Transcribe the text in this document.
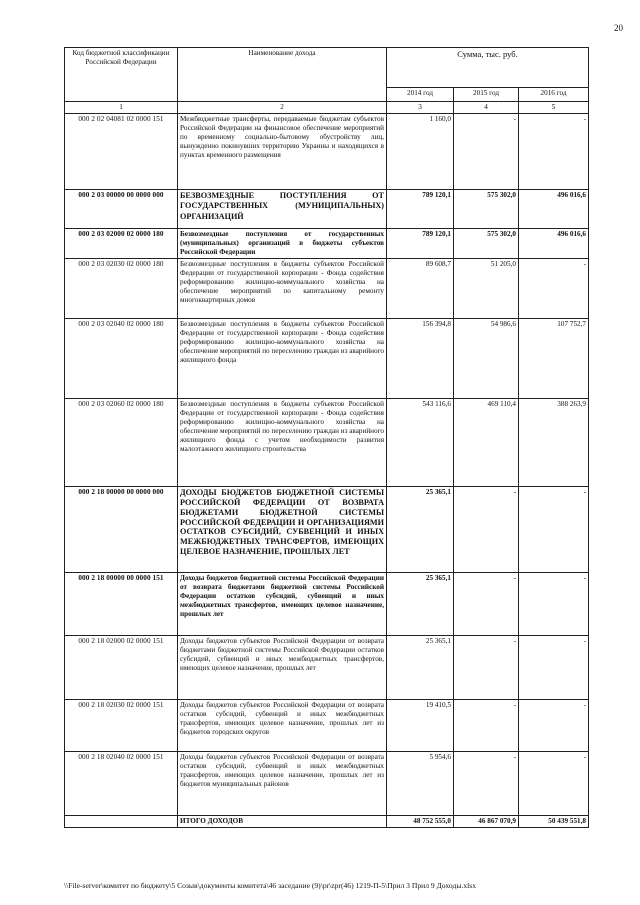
20
Код бюджетной классификации Российской Федерации	Наименование дохода	Сумма, тыс. руб.		
		2014 год	2015 год	2016 год
1	2	3	4	5
000 2 02 04081 02 0000 151	Межбюджетные трансферты, передаваемые бюджетам субъектов Российской Федерации на финансовое обеспечение мероприятий по временному социально-бытовому обустройству лиц, вынужденно покинувших территорию Украины и находящихся в пунктах временного размещения	1 160,0	-	-
000 2 03 00000 00 0000 000	БЕЗВОЗМЕЗДНЫЕ ПОСТУПЛЕНИЯ ОТ ГОСУДАРСТВЕННЫХ (МУНИЦИПАЛЬНЫХ) ОРГАНИЗАЦИЙ	789 120,1	575 302,0	496 016,6
000 2 03 02000 02 0000 180	Безвозмездные поступления от государственных (муниципальных) организаций в бюджеты субъектов Российской Федерации	789 120,1	575 302,0	496 016,6
000 2 03 02030 02 0000 180	Безвозмездные поступления в бюджеты субъектов Российской Федерации от государственной корпорации - Фонда содействия реформированию жилищно-коммунального хозяйства на обеспечение мероприятий по капитальному ремонту многоквартирных домов	89 608,7	51 205,0	-
000 2 03 02040 02 0000 180	Безвозмездные поступления в бюджеты субъектов Российской Федерации от государственной корпорации - Фонда содействия реформированию жилищно-коммунального хозяйства на обеспечение мероприятий по переселению граждан из аварийного жилищного фонда	156 394,8	54 986,6	107 752,7
000 2 03 02060 02 0000 180	Безвозмездные поступления в бюджеты субъектов Российской Федерации от государственной корпорации - Фонда содействия реформированию жилищно-коммунального хозяйства на обеспечение мероприятий по переселению граждан из аварийного жилищного фонда с учетом необходимости развития малоэтажного жилищного строительства	543 116,6	469 110,4	388 263,9
000 2 18 00000 00 0000 000	ДОХОДЫ БЮДЖЕТОВ БЮДЖЕТНОЙ СИСТЕМЫ РОССИЙСКОЙ ФЕДЕРАЦИИ ОТ ВОЗВРАТА БЮДЖЕТАМИ БЮДЖЕТНОЙ СИСТЕМЫ РОССИЙСКОЙ ФЕДЕРАЦИИ И ОРГАНИЗАЦИЯМИ ОСТАТКОВ СУБСИДИЙ, СУБВЕНЦИЙ И ИНЫХ МЕЖБЮДЖЕТНЫХ ТРАНСФЕРТОВ, ИМЕЮЩИХ ЦЕЛЕВОЕ НАЗНАЧЕНИЕ, ПРОШЛЫХ ЛЕТ	25 365,1	-	-
000 2 18 00000 00 0000 151	Доходы бюджетов бюджетной системы Российской Федерации от возврата бюджетами бюджетной системы Российской Федерации остатков субсидий, субвенций и иных межбюджетных трансфертов, имеющих целевое назначение, прошлых лет	25 365,1	-	-
000 2 18 02000 02 0000 151	Доходы бюджетов субъектов Российской Федерации от возврата бюджетами бюджетной системы Российской Федерации остатков субсидий, субвенций и иных межбюджетных трансфертов, имеющих целевое назначение, прошлых лет	25 365,1	-	-
000 2 18 02030 02 0000 151	Доходы бюджетов субъектов Российской Федерации от возврата остатков субсидий, субвенций и иных межбюджетных трансфертов, имеющих целевое назначение, прошлых лет из бюджетов городских округов	19 410,5	-	-
000 2 18 02040 02 0000 151	Доходы бюджетов субъектов Российской Федерации от возврата остатков субсидий, субвенций и иных межбюджетных трансфертов, имеющих целевое назначение, прошлых лет из бюджетов муниципальных районов	5 954,6	-	-
	ИТОГО ДОХОДОВ	48 752 555,0	46 867 070,9	50 439 551,8
\\File-server\комитет по бюджету\5 Созыв\документы комитета\46 заседание (9)\pr\zpr(46) 1219-П-5\Прил 3 Прил 9 Доходы.xlsx
